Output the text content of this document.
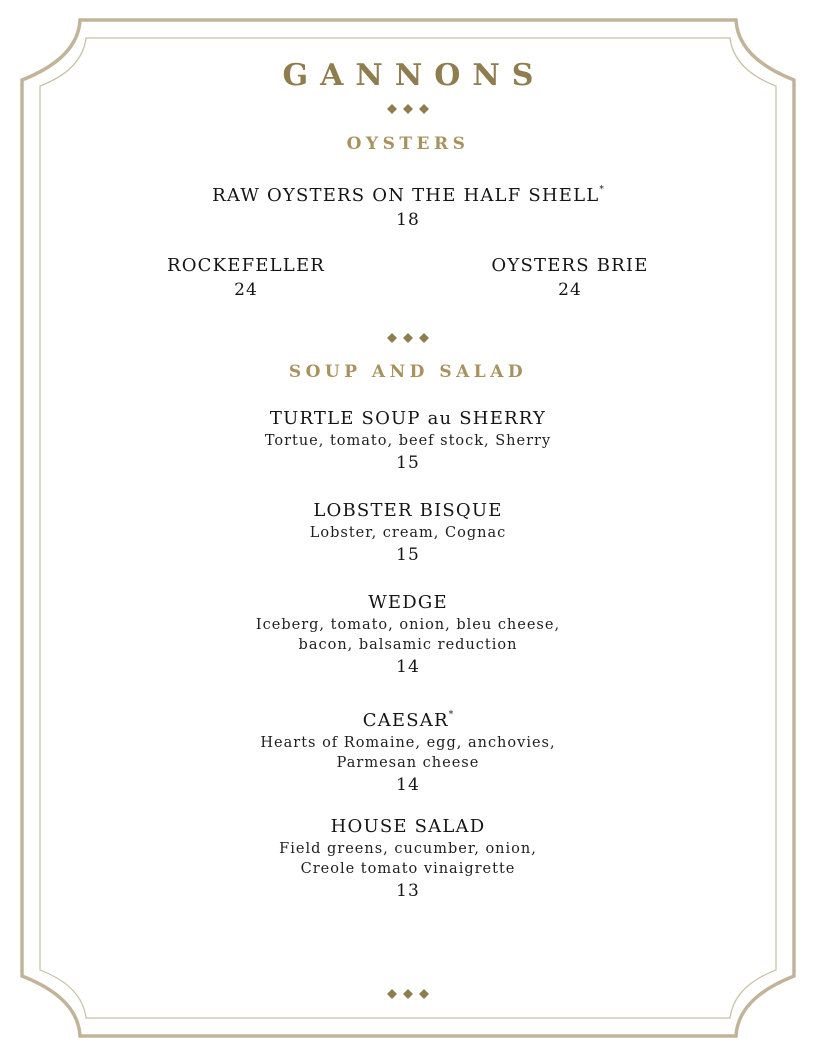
GANNONS
OYSTERS
RAW OYSTERS ON THE HALF SHELL*
18
ROCKEFELLER
24
OYSTERS BRIE
24
SOUP AND SALAD
TURTLE SOUP au SHERRY
Tortue, tomato, beef stock, Sherry
15
LOBSTER BISQUE
Lobster, cream, Cognac
15
WEDGE
Iceberg, tomato, onion, bleu cheese,
bacon, balsamic reduction
14
CAESAR*
Hearts of Romaine, egg, anchovies,
Parmesan cheese
14
HOUSE SALAD
Field greens, cucumber, onion,
Creole tomato vinaigrette
13
